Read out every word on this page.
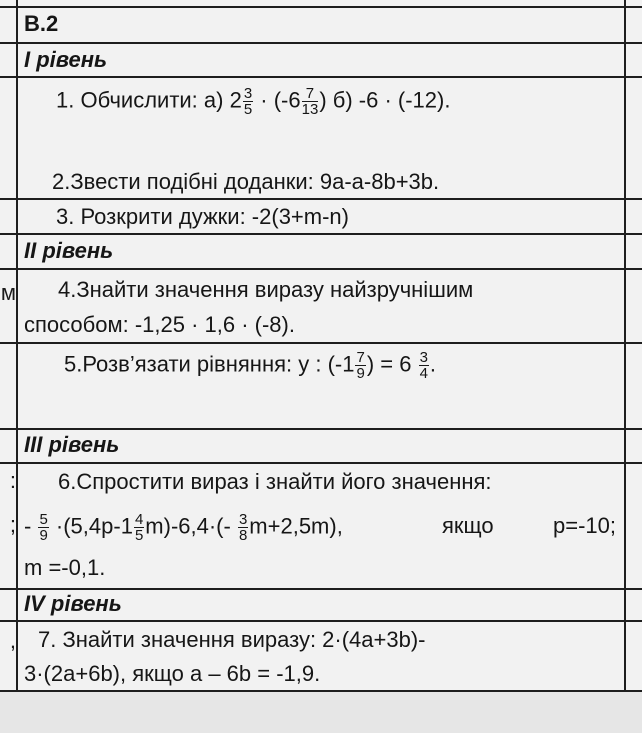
м
:
;
,
В.2
І рівень
1. Обчислити: а) $2 \frac{3}{5} \cdot (-6 \frac{7}{13}$ ) б) -6 · (-12).
2.Звести подібні доданки: 9а-а-8b+3b.
3. Розкрити дужки: -2(3+m-n)
ІІ рівень
4.Знайти значення виразу найзручнішим
способом: -1,25 · 1,6 · (-8).
5.Розв’язати рівняння: у : ($-1 \frac{7}{9}$ ) = $6 \frac{3}{4}$ .
ІІІ рівень
6.Спростити вираз і знайти його значення:
- $\frac{5}{9} \cdot(5,4р-1 \frac{4}{5} m)-6,4\cdot(- \frac{3}{8} m+2,5m)$,	якщо	р=-10;
m =-0,1.
ІV рівень
7. Знайти значення виразу: 2·(4а+3b)-
3·(2а+6b), якщо а – 6b = -1,9.
